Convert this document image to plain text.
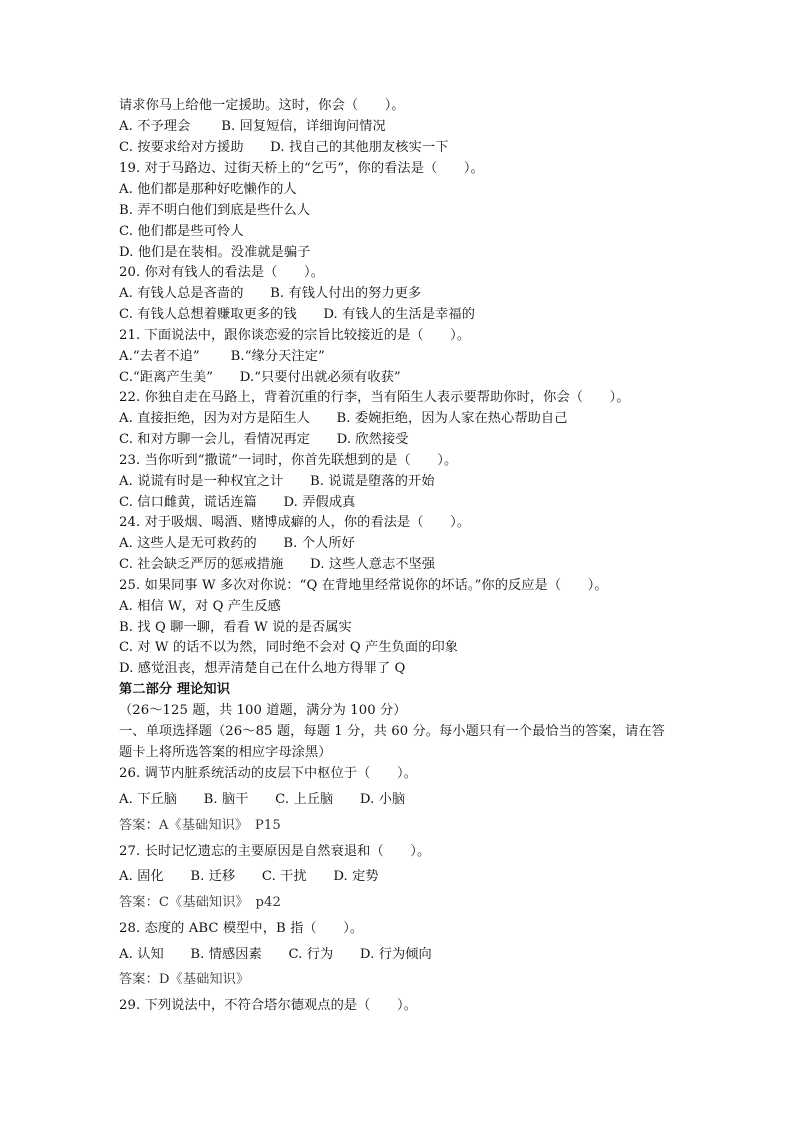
请求你马上给他一定援助。这时，你会（　　）。
A. 不予理会　　 B. 回复短信，详细询问情况
C. 按要求给对方援助　　D. 找自己的其他朋友核实一下
19. 对于马路边、过街天桥上的“乞丐”，你的看法是（　　）。
A. 他们都是那种好吃懒作的人
B. 弄不明白他们到底是些什么人
C. 他们都是些可怜人
D. 他们是在装相。没准就是骗子
20. 你对有钱人的看法是（　　）。
A. 有钱人总是吝啬的　　B. 有钱人付出的努力更多
C. 有钱人总想着赚取更多的钱　　D. 有钱人的生活是幸福的
21. 下面说法中，跟你谈恋爱的宗旨比较接近的是（　　）。
A.“去者不追”　　 B.“缘分天注定”
C.“距离产生美”　　D.“只要付出就必须有收获”
22. 你独自走在马路上，背着沉重的行李，当有陌生人表示要帮助你时，你会（　　）。
A. 直接拒绝，因为对方是陌生人　　B. 委婉拒绝，因为人家在热心帮助自己
C. 和对方聊一会儿，看情况再定　　D. 欣然接受
23. 当你听到“撒谎”一词时，你首先联想到的是（　　）。
A. 说谎有时是一种权宜之计　　B. 说谎是堕落的开始
C. 信口雌黄，谎话连篇　　D. 弄假成真
24. 对于吸烟、喝酒、赌博成癖的人，你的看法是（　　）。
A. 这些人是无可救药的　　B. 个人所好
C. 社会缺乏严厉的惩戒措施　　D. 这些人意志不坚强
25. 如果同事 W 多次对你说：“Q 在背地里经常说你的坏话。”你的反应是（　　）。
A. 相信 W，对 Q 产生反感
B. 找 Q 聊一聊，看看 W 说的是否属实
C. 对 W 的话不以为然，同时绝不会对 Q 产生负面的印象
D. 感觉沮丧，想弄清楚自己在什么地方得罪了 Q
第二部分 理论知识
（26～125 题，共 100 道题，满分为 100 分）
一、单项选择题（26～85 题，每题 1 分，共 60 分。每小题只有一个最恰当的答案，请在答
题卡上将所选答案的相应字母涂黑）
26. 调节内脏系统活动的皮层下中枢位于（　　）。
A. 下丘脑　　B. 脑干　　C. 上丘脑　　D. 小脑
答案：A《基础知识》　P15
27. 长时记忆遗忘的主要原因是自然衰退和（　　）。
A. 固化　　B. 迁移　　C. 干扰　　D. 定势
答案：C《基础知识》　p42
28. 态度的 ABC 模型中，B 指（　　）。
A. 认知　　B. 情感因素　　C. 行为　　D. 行为倾向
答案：D《基础知识》
29. 下列说法中，不符合塔尔德观点的是（　　）。
